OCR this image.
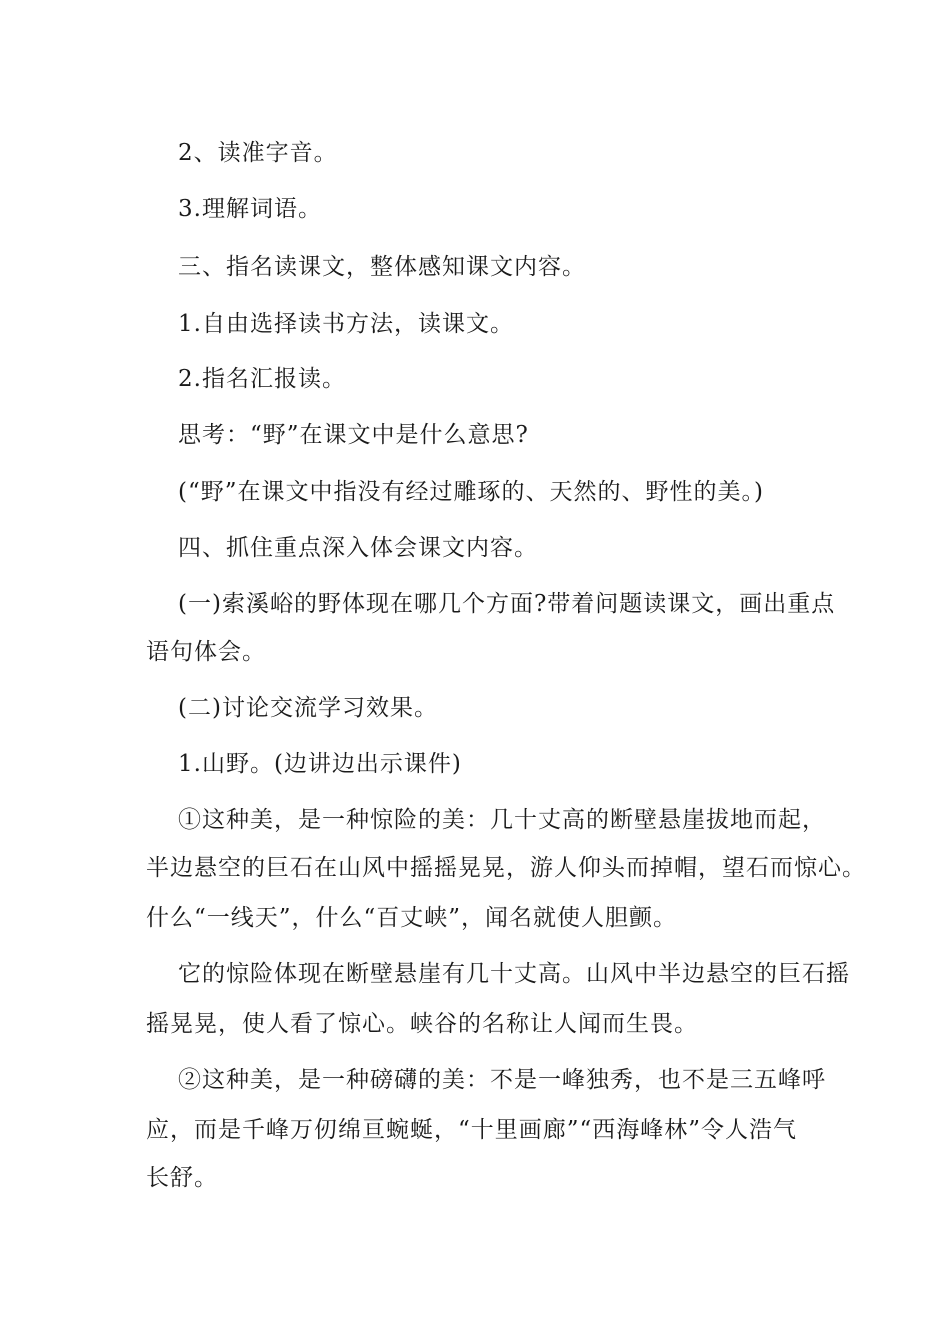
2、读准字音。
3.理解词语。
三、指名读课文，整体感知课文内容。
1.自由选择读书方法，读课文。
2.指名汇报读。
思考：“野”在课文中是什么意思?
(“野”在课文中指没有经过雕琢的、天然的、野性的美。)
四、抓住重点深入体会课文内容。
(一)索溪峪的野体现在哪几个方面?带着问题读课文，画出重点
语句体会。
(二)讨论交流学习效果。
1.山野。(边讲边出示课件)
①这种美，是一种惊险的美：几十丈高的断壁悬崖拔地而起，
半边悬空的巨石在山风中摇摇晃晃，游人仰头而掉帽，望石而惊心。
什么“一线天”，什么“百丈峡”，闻名就使人胆颤。
它的惊险体现在断壁悬崖有几十丈高。山风中半边悬空的巨石摇
摇晃晃，使人看了惊心。峡谷的名称让人闻而生畏。
②这种美，是一种磅礴的美：不是一峰独秀，也不是三五峰呼
应，而是千峰万仞绵亘蜿蜒，“十里画廊”“西海峰林”令人浩气
长舒。
